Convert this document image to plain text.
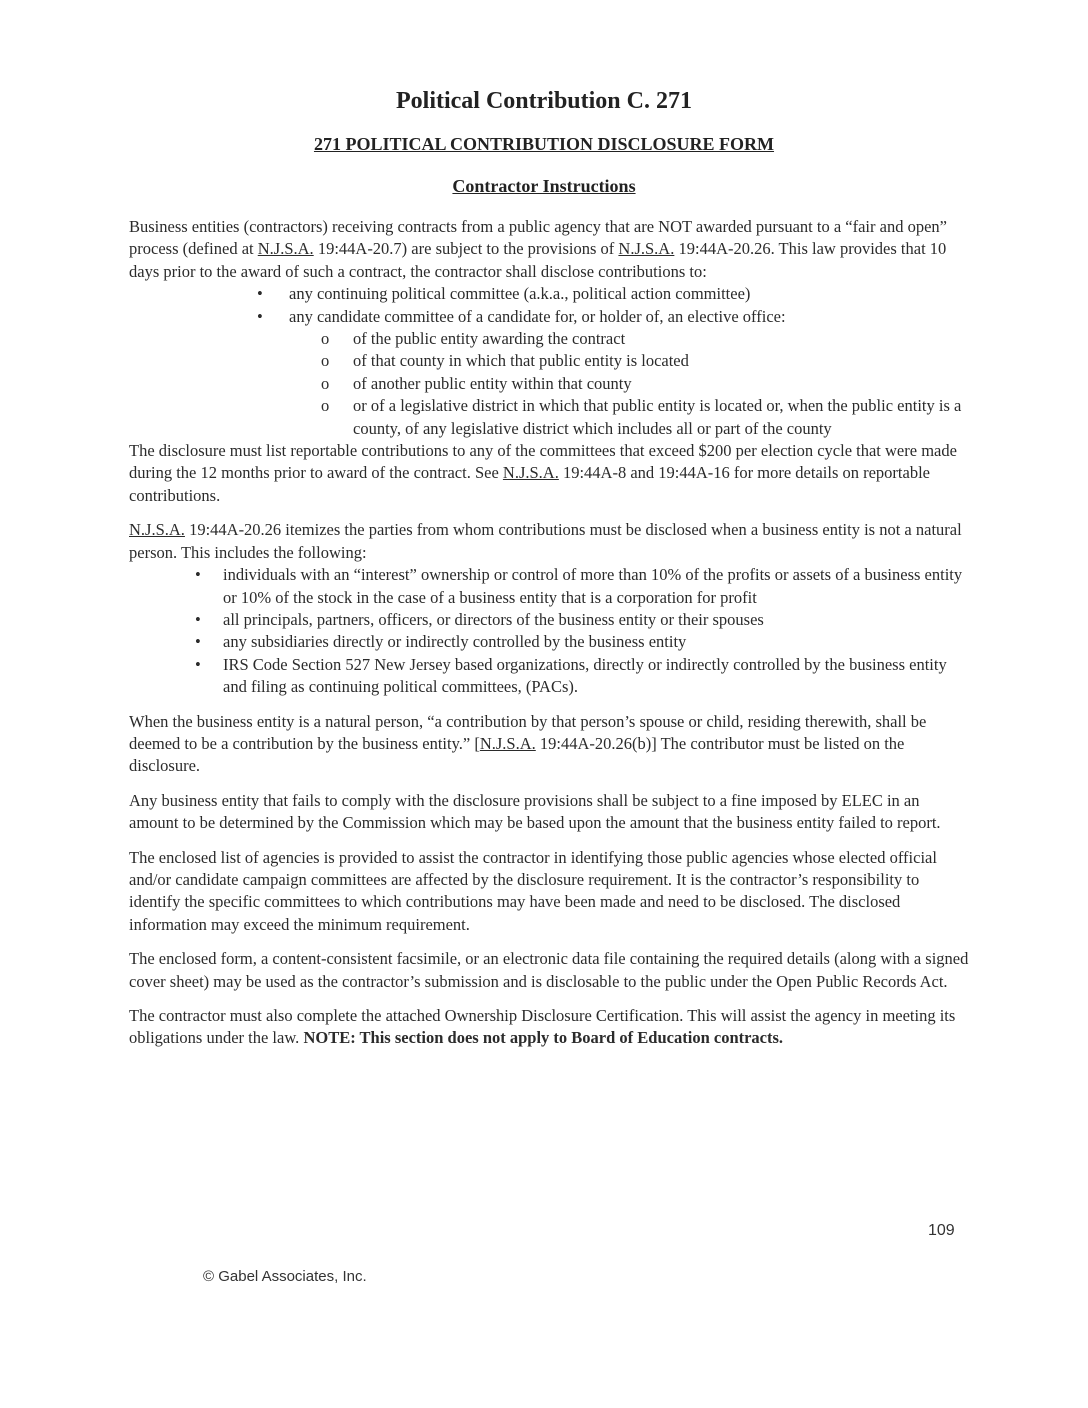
Political Contribution C. 271
271 POLITICAL CONTRIBUTION DISCLOSURE FORM
Contractor Instructions

Business entities (contractors) receiving contracts from a public agency that are NOT awarded pursuant to a “fair and open” process (defined at N.J.S.A. 19:44A-20.7) are subject to the provisions of N.J.S.A. 19:44A-20.26. This law provides that 10 days prior to the award of such a contract, the contractor shall disclose contributions to:

• any continuing political committee (a.k.a., political action committee)
• any candidate committee of a candidate for, or holder of, an elective office:
o of the public entity awarding the contract
o of that county in which that public entity is located
o of another public entity within that county
o or of a legislative district in which that public entity is located or, when the public entity is a county, of any legislative district which includes all or part of the county

The disclosure must list reportable contributions to any of the committees that exceed $200 per election cycle that were made during the 12 months prior to award of the contract. See N.J.S.A. 19:44A-8 and 19:44A-16 for more details on reportable contributions.

N.J.S.A. 19:44A-20.26 itemizes the parties from whom contributions must be disclosed when a business entity is not a natural person. This includes the following:

• individuals with an “interest” ownership or control of more than 10% of the profits or assets of a business entity or 10% of the stock in the case of a business entity that is a corporation for profit
• all principals, partners, officers, or directors of the business entity or their spouses
• any subsidiaries directly or indirectly controlled by the business entity
• IRS Code Section 527 New Jersey based organizations, directly or indirectly controlled by the business entity and filing as continuing political committees, (PACs).

When the business entity is a natural person, “a contribution by that person’s spouse or child, residing therewith, shall be deemed to be a contribution by the business entity.” [N.J.S.A. 19:44A-20.26(b)] The contributor must be listed on the disclosure.

Any business entity that fails to comply with the disclosure provisions shall be subject to a fine imposed by ELEC in an amount to be determined by the Commission which may be based upon the amount that the business entity failed to report.

The enclosed list of agencies is provided to assist the contractor in identifying those public agencies whose elected official and/or candidate campaign committees are affected by the disclosure requirement. It is the contractor’s responsibility to identify the specific committees to which contributions may have been made and need to be disclosed. The disclosed information may exceed the minimum requirement.

The enclosed form, a content-consistent facsimile, or an electronic data file containing the required details (along with a signed cover sheet) may be used as the contractor’s submission and is disclosable to the public under the Open Public Records Act.

The contractor must also complete the attached Ownership Disclosure Certification. This will assist the agency in meeting its obligations under the law. NOTE: This section does not apply to Board of Education contracts.

109
© Gabel Associates, Inc.
